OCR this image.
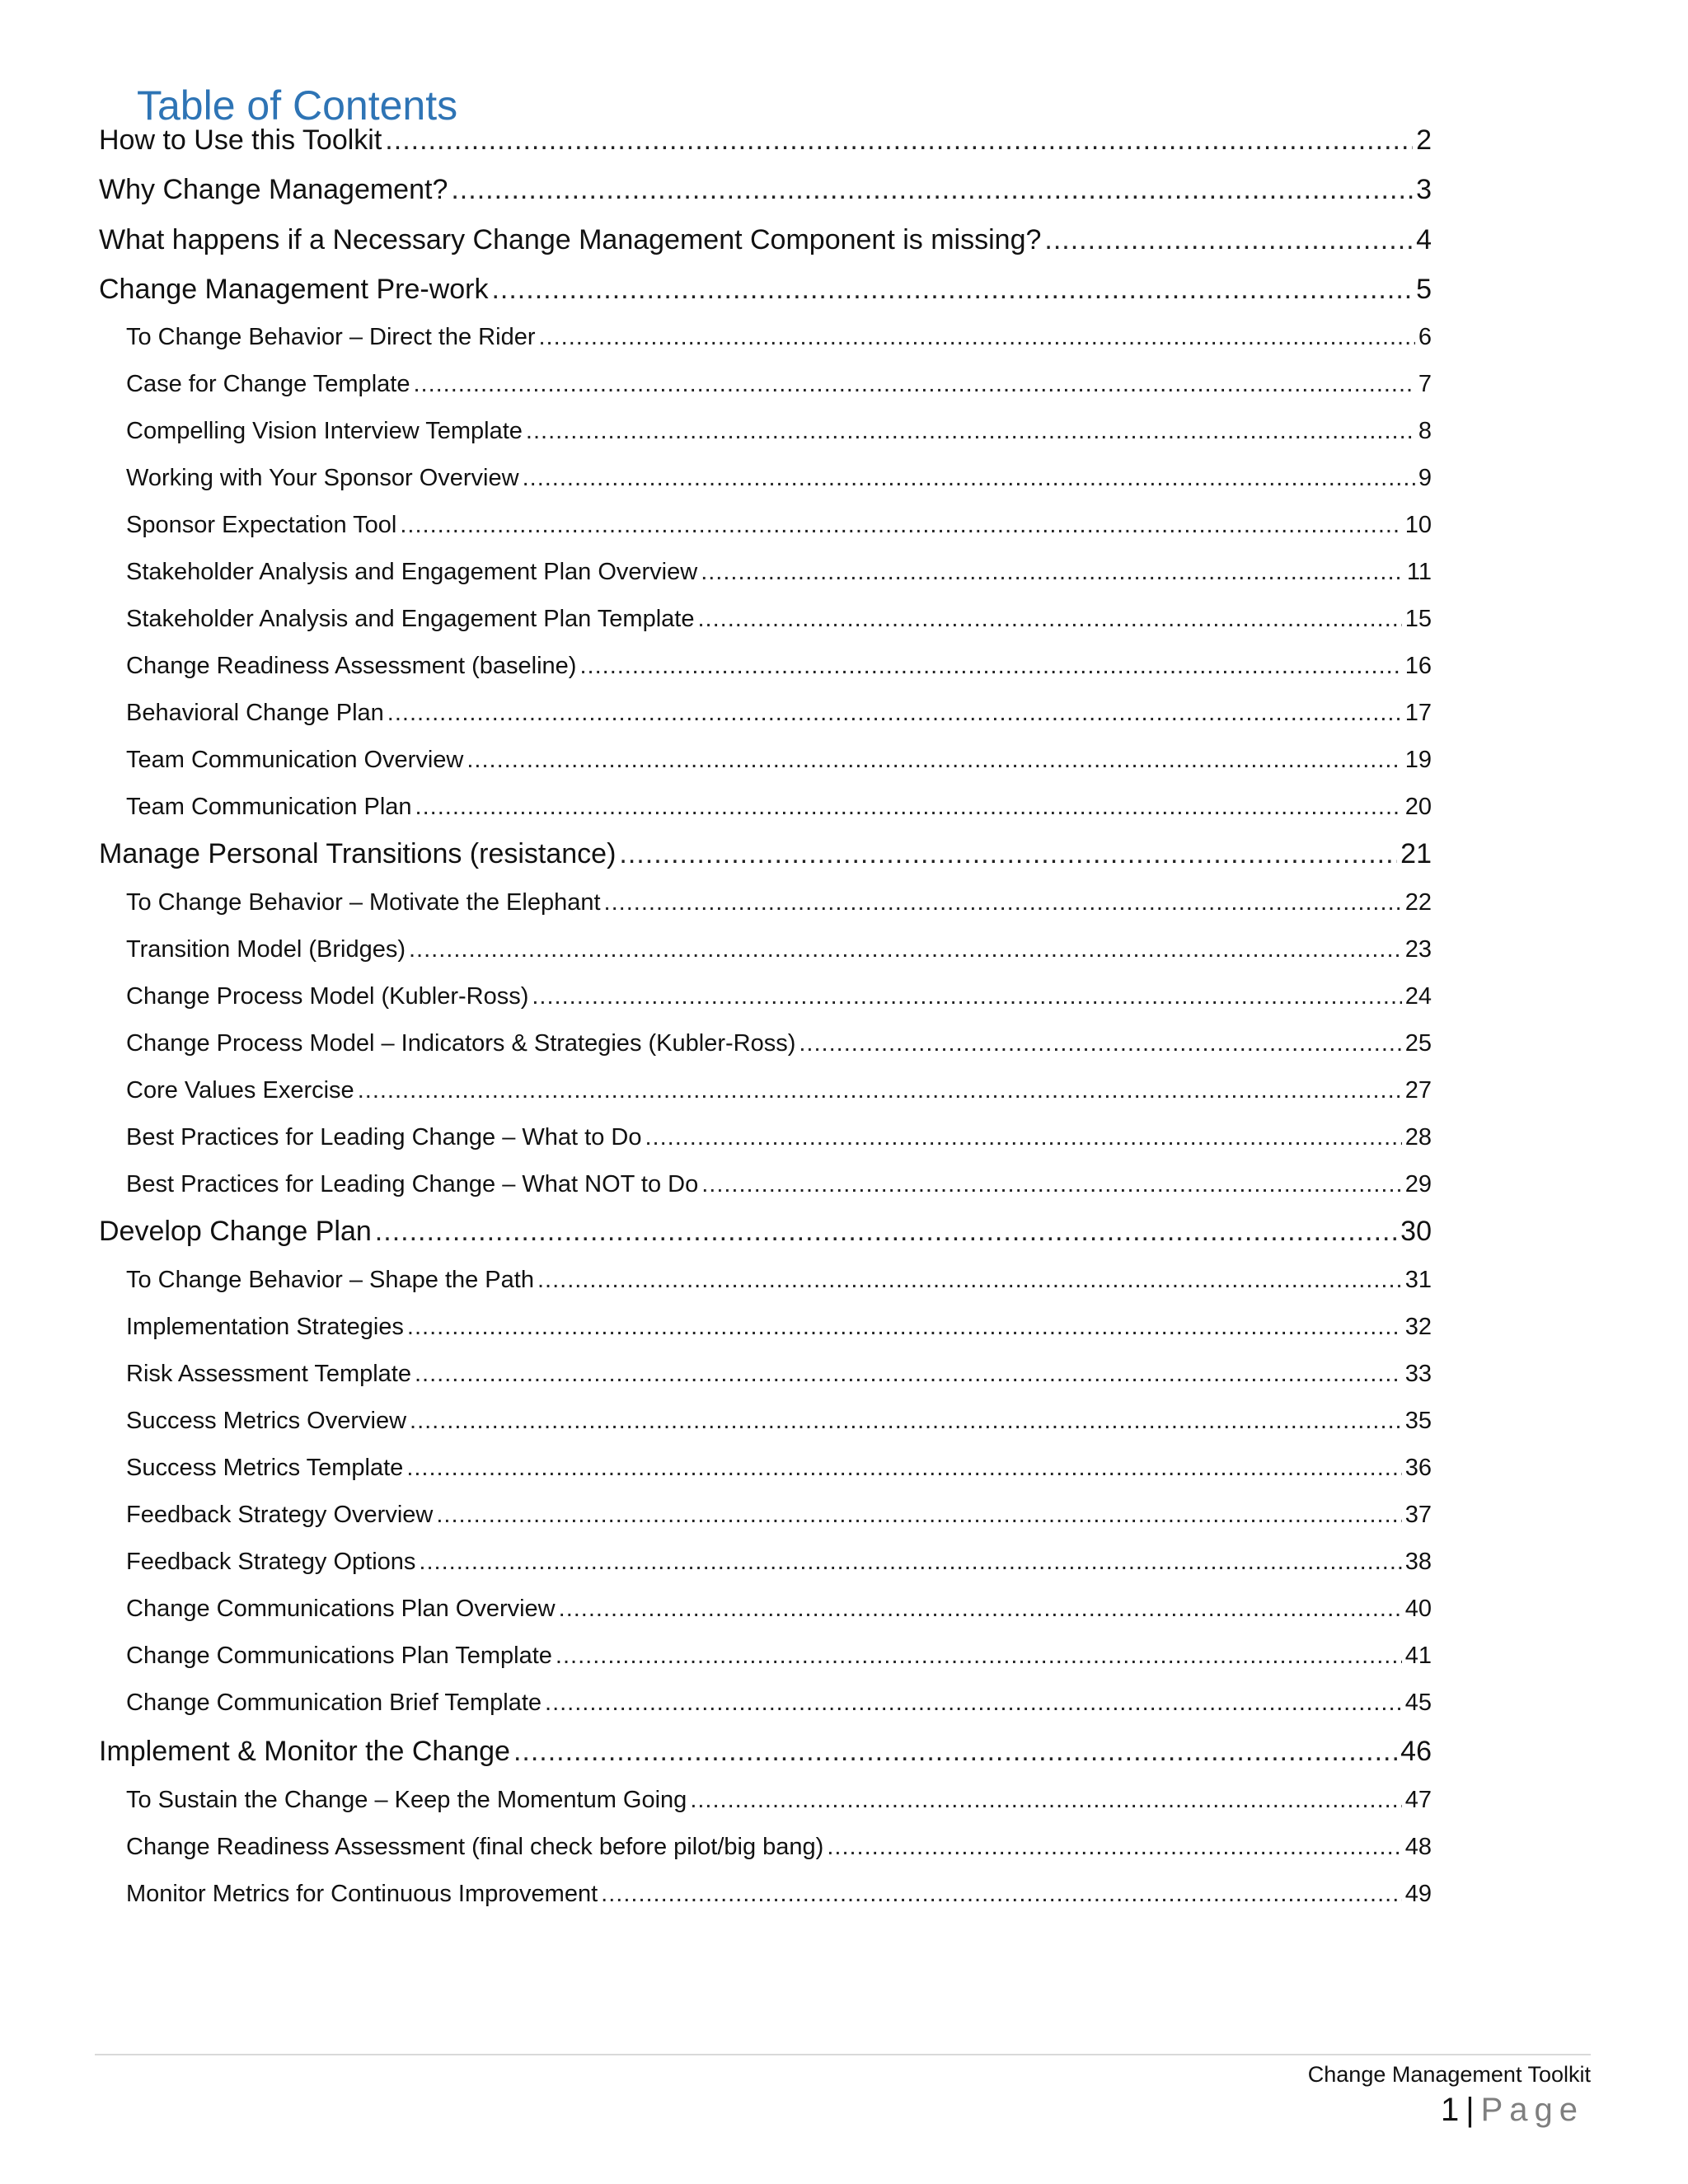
Table of Contents
How to Use this Toolkit .....	2
Why Change Management? .....	3
What happens if a Necessary Change Management Component is missing? .....	4
Change Management Pre-work .....	5
To Change Behavior – Direct the Rider .....	6
Case for Change Template .....	7
Compelling Vision Interview Template .....	8
Working with Your Sponsor Overview .....	9
Sponsor Expectation Tool .....	10
Stakeholder Analysis and Engagement Plan Overview .....	11
Stakeholder Analysis and Engagement Plan Template .....	15
Change Readiness Assessment (baseline) .....	16
Behavioral Change Plan .....	17
Team Communication Overview .....	19
Team Communication Plan .....	20
Manage Personal Transitions (resistance) .....	21
To Change Behavior – Motivate the Elephant .....	22
Transition Model (Bridges) .....	23
Change Process Model (Kubler-Ross) .....	24
Change Process Model – Indicators & Strategies (Kubler-Ross) .....	25
Core Values Exercise .....	27
Best Practices for Leading Change – What to Do .....	28
Best Practices for Leading Change – What NOT to Do .....	29
Develop Change Plan .....	30
To Change Behavior – Shape the Path .....	31
Implementation Strategies .....	32
Risk Assessment Template .....	33
Success Metrics Overview .....	35
Success Metrics Template .....	36
Feedback Strategy Overview .....	37
Feedback Strategy Options .....	38
Change Communications Plan Overview .....	40
Change Communications Plan Template .....	41
Change Communication Brief Template .....	45
Implement & Monitor the Change .....	46
To Sustain the Change – Keep the Momentum Going .....	47
Change Readiness Assessment (final check before pilot/big bang) .....	48
Monitor Metrics for Continuous Improvement .....	49
Change Management Toolkit
1 | Page
